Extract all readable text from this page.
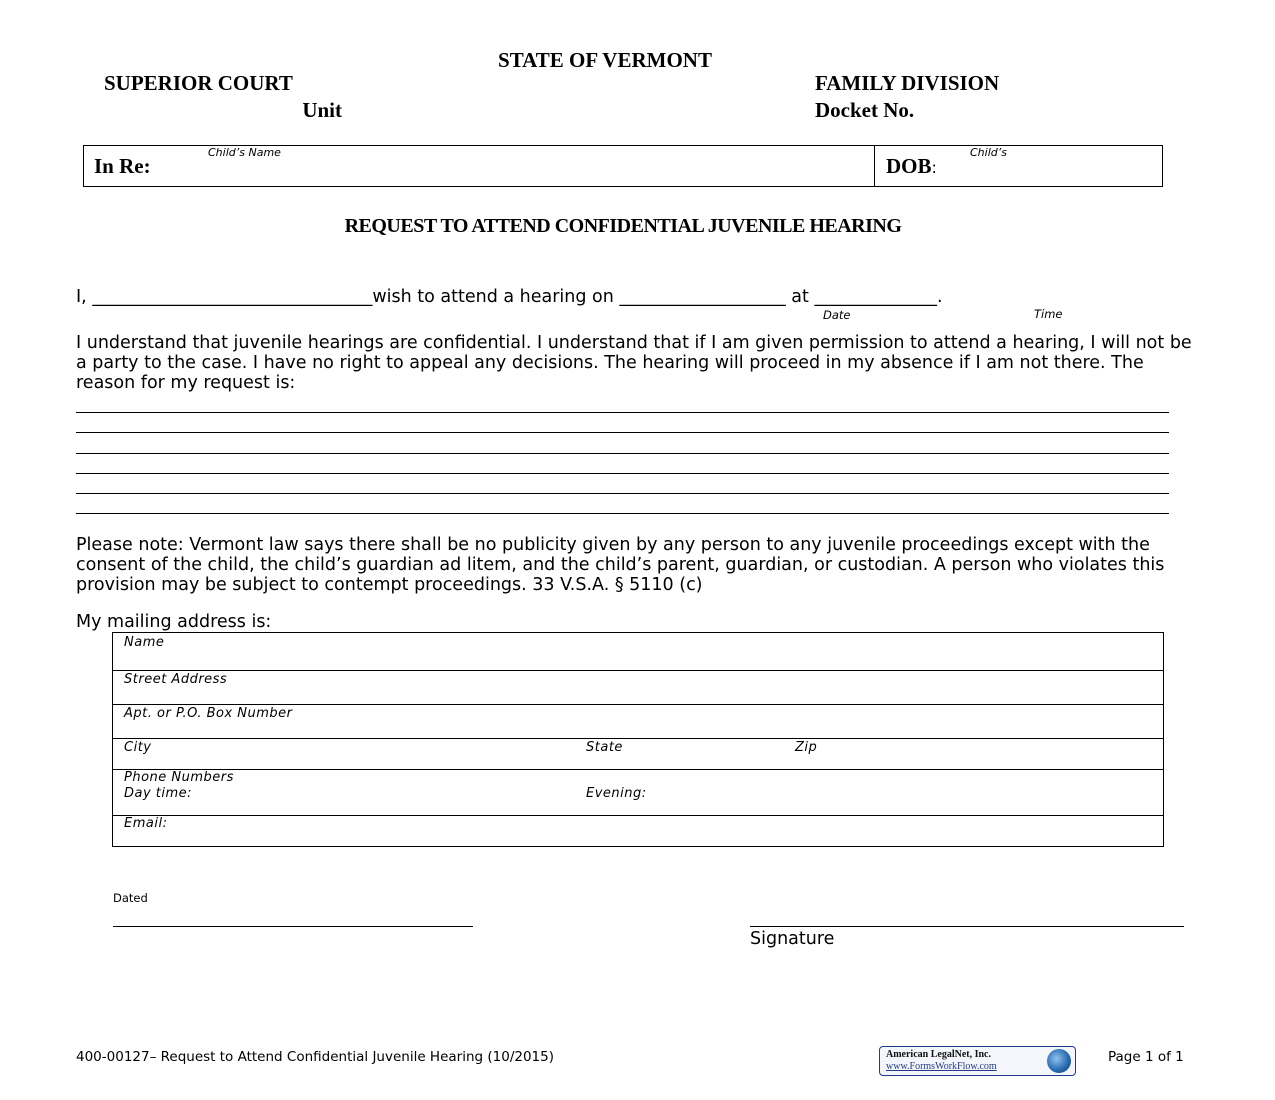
STATE OF VERMONT
SUPERIOR COURT
Unit
FAMILY DIVISION
Docket No.
In Re:
Child’s Name
DOB:
Child’s
REQUEST TO ATTEND CONFIDENTIAL JUVENILE HEARING
I, ________________________________wish to attend a hearing on ___________________ at ______________.
Date	Time
I understand that juvenile hearings are confidential. I understand that if I am given permission to attend a hearing, I will not be a party to the case. I have no right to appeal any decisions. The hearing will proceed in my absence if I am not there. The reason for my request is:
Please note: Vermont law says there shall be no publicity given by any person to any juvenile proceedings except with the consent of the child, the child’s guardian ad litem, and the child’s parent, guardian, or custodian. A person who violates this provision may be subject to contempt proceedings. 33 V.S.A. § 5110 (c)
My mailing address is:
Name
Street Address
Apt. or P.O. Box Number
City	State	Zip
Phone Numbers
Day time:	Evening:
Email:
Dated
Signature
400-00127– Request to Attend Confidential Juvenile Hearing (10/2015)	American LegalNet, Inc.
www.FormsWorkFlow.com
Page 1 of 1
